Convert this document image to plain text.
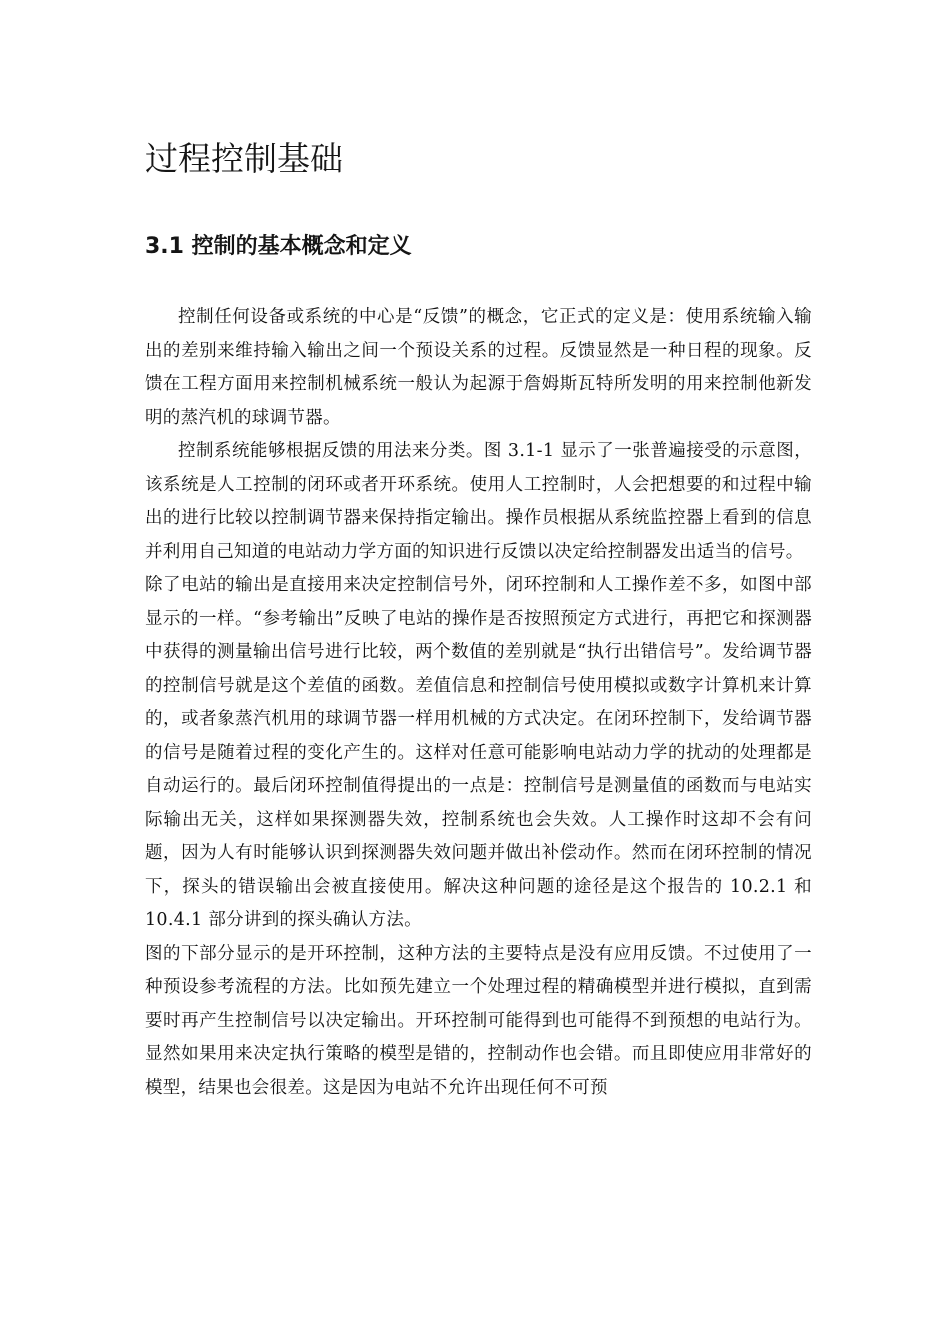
过程控制基础
3.1 控制的基本概念和定义

控制任何设备或系统的中心是“反馈”的概念，它正式的定义是：使用系统输入输出的差别来维持输入输出之间一个预设关系的过程。反馈显然是一种日程的现象。反馈在工程方面用来控制机械系统一般认为起源于詹姆斯瓦特所发明的用来控制他新发明的蒸汽机的球调节器。

控制系统能够根据反馈的用法来分类。图 3.1-1 显示了一张普遍接受的示意图，该系统是人工控制的闭环或者开环系统。使用人工控制时，人会把想要的和过程中输出的进行比较以控制调节器来保持指定输出。操作员根据从系统监控器上看到的信息并利用自己知道的电站动力学方面的知识进行反馈以决定给控制器发出适当的信号。

除了电站的输出是直接用来决定控制信号外，闭环控制和人工操作差不多，如图中部显示的一样。“参考输出”反映了电站的操作是否按照预定方式进行，再把它和探测器中获得的测量输出信号进行比较，两个数值的差别就是“执行出错信号”。发给调节器的控制信号就是这个差值的函数。差值信息和控制信号使用模拟或数字计算机来计算的，或者象蒸汽机用的球调节器一样用机械的方式决定。在闭环控制下，发给调节器的信号是随着过程的变化产生的。这样对任意可能影响电站动力学的扰动的处理都是自动运行的。最后闭环控制值得提出的一点是：控制信号是测量值的函数而与电站实际输出无关，这样如果探测器失效，控制系统也会失效。人工操作时这却不会有问题，因为人有时能够认识到探测器失效问题并做出补偿动作。然而在闭环控制的情况下，探头的错误输出会被直接使用。解决这种问题的途径是这个报告的 10.2.1 和 10.4.1 部分讲到的探头确认方法。

图的下部分显示的是开环控制，这种方法的主要特点是没有应用反馈。不过使用了一种预设参考流程的方法。比如预先建立一个处理过程的精确模型并进行模拟，直到需要时再产生控制信号以决定输出。开环控制可能得到也可能得不到预想的电站行为。显然如果用来决定执行策略的模型是错的，控制动作也会错。而且即使应用非常好的模型，结果也会很差。这是因为电站不允许出现任何不可预
